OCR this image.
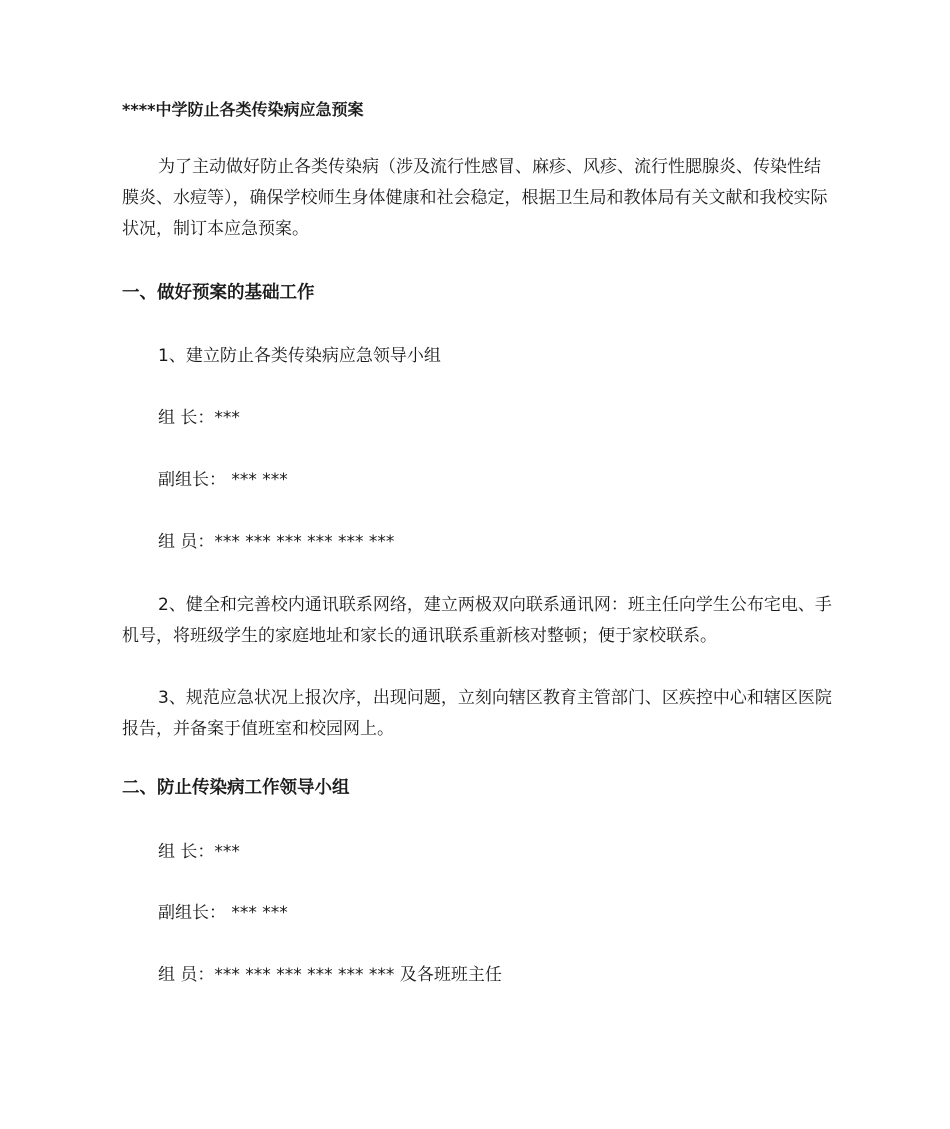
****中学防止各类传染病应急预案
为了主动做好防止各类传染病（涉及流行性感冒、麻疹、风疹、流行性腮腺炎、传染性结膜炎、水痘等），确保学校师生身体健康和社会稳定，根据卫生局和教体局有关文献和我校实际状况，制订本应急预案。
一、做好预案的基础工作
1、建立防止各类传染病应急领导小组
组 长：***
副组长： *** ***
组 员：*** *** *** *** *** ***
2、健全和完善校内通讯联系网络，建立两极双向联系通讯网：班主任向学生公布宅电、手机号，将班级学生的家庭地址和家长的通讯联系重新核对整顿；便于家校联系。
3、规范应急状况上报次序，出现问题，立刻向辖区教育主管部门、区疾控中心和辖区医院报告，并备案于值班室和校园网上。
二、防止传染病工作领导小组
组 长：***
副组长： *** ***
组 员：*** *** *** *** *** *** 及各班班主任
